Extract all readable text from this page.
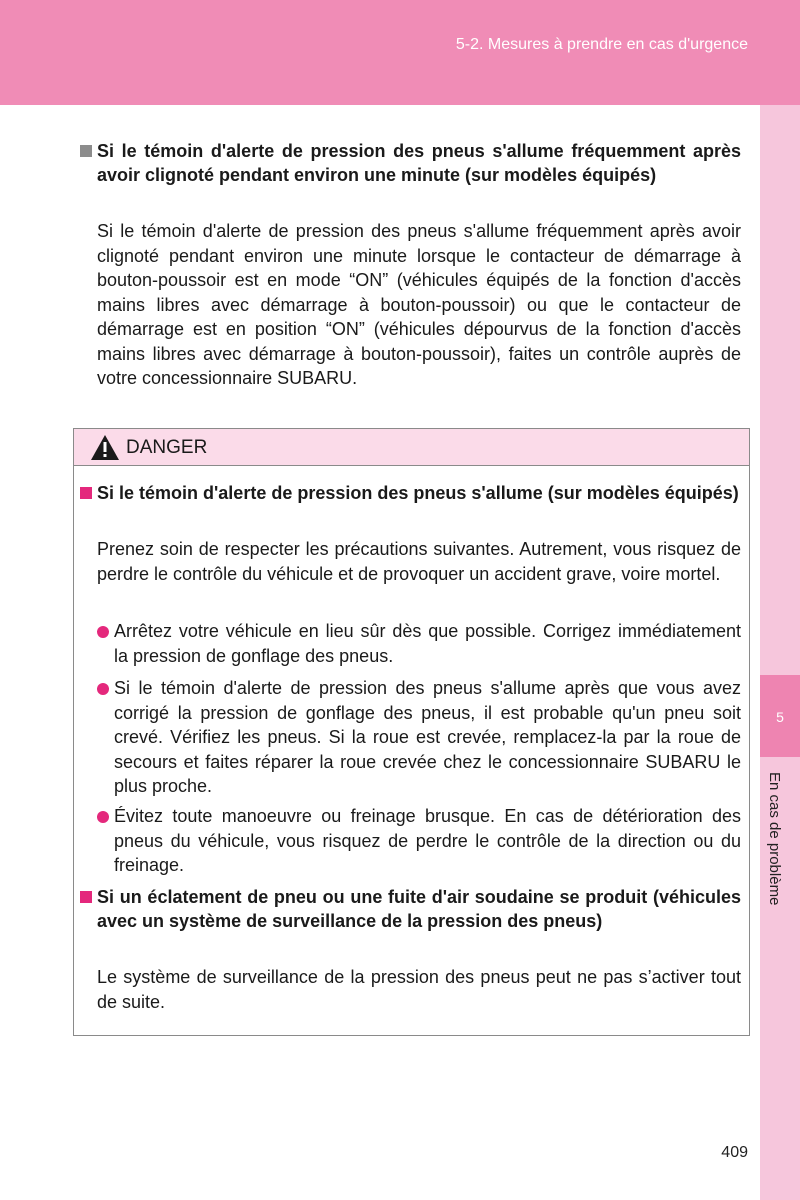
5-2. Mesures à prendre en cas d'urgence
5
En cas de problème
Si le témoin d'alerte de pression des pneus s'allume fréquemment après avoir clignoté pendant environ une minute (sur modèles équipés)
Si le témoin d'alerte de pression des pneus s'allume fréquemment après avoir clignoté pendant environ une minute lorsque le contacteur de démarrage à bouton-poussoir est en mode “ON” (véhicules équipés de la fonction d'accès mains libres avec démarrage à bouton-poussoir) ou que le contacteur de démarrage est en position “ON” (véhicules dépourvus de la fonction d'accès mains libres avec démarrage à bouton-poussoir), faites un contrôle auprès de votre concessionnaire SUBARU.
DANGER
Si le témoin d'alerte de pression des pneus s'allume (sur modèles équipés)
Prenez soin de respecter les précautions suivantes. Autrement, vous risquez de perdre le contrôle du véhicule et de provoquer un accident grave, voire mortel.
Arrêtez votre véhicule en lieu sûr dès que possible. Corrigez immédiatement la pression de gonflage des pneus.
Si le témoin d'alerte de pression des pneus s'allume après que vous avez corrigé la pression de gonflage des pneus, il est probable qu'un pneu soit crevé. Vérifiez les pneus. Si la roue est crevée, remplacez-la par la roue de secours et faites réparer la roue crevée chez le concessionnaire SUBARU le plus proche.
Évitez toute manoeuvre ou freinage brusque. En cas de détérioration des pneus du véhicule, vous risquez de perdre le contrôle de la direction ou du freinage.
Si un éclatement de pneu ou une fuite d'air soudaine se produit (véhicules avec un système de surveillance de la pression des pneus)
Le système de surveillance de la pression des pneus peut ne pas s’activer tout de suite.
409
